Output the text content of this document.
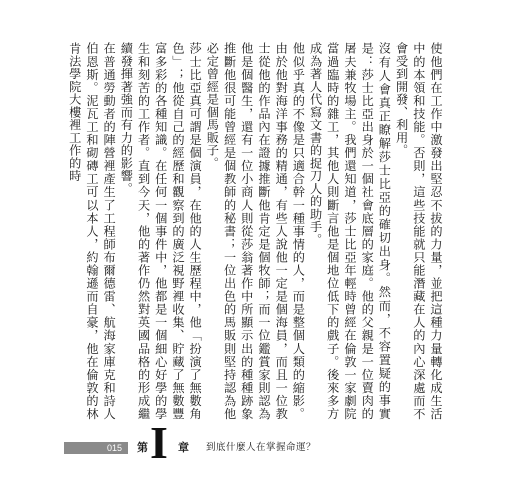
使他們在工作中激發出堅忍不拔的力量，並把這種力量轉化成生活中的本領和技能。否則，這些技能就只能潛藏在人的內心深處而不會受到開發、利用。

沒有人會真正瞭解莎士比亞的確切出身。然而，不容置疑的事實是：莎士比亞出身於一個社會底層的家庭。他的父親是一位賣肉的屠夫兼牧場主。我們還知道，莎士比亞年輕時曾經在倫敦一家劇院當過臨時的雜工，其他人則斷言他是個地位低下的戲子。後來多方成為著人代寫文書的捉刀人的助手。

他似乎真的不像是只適合幹一種事情的人，而是整個人類的縮影。由於他對海洋事務的精通，有些人說他一定是個海員，而且一位教士從他的作品內在證據推斷他肯定是個牧師；而一位鑑賞家則認為他是個醫生，還有一位小商人則從莎翁著作中所顯示出的種種跡象推斷他很可能曾經是個教師的秘書；一位出色的馬販則堅持認為他必定曾經是個馬販子。

莎士比亞真可謂是個演員，在他的人生歷程中，他「扮演了無數角色」；他從自己的經歷和觀察到的廣泛視野裡收集、貯藏了無數豐富多彩的各種知識。在任何一個事件中，他都是一個細心好學的學生和刻苦的工作者。直到今天，他的著作仍然對英國品格的形成繼續發揮著強而有力的影響。

在普通勞動者的陣營裡產生了工程師布爾德雷、航海家庫克和詩人伯恩斯。泥瓦工和砌磚工可以本人，約翰遜而自豪，他在倫敦的林肯法學院大樓裡工作的時

015	第 I 章 到底什麼人在掌握命運？
